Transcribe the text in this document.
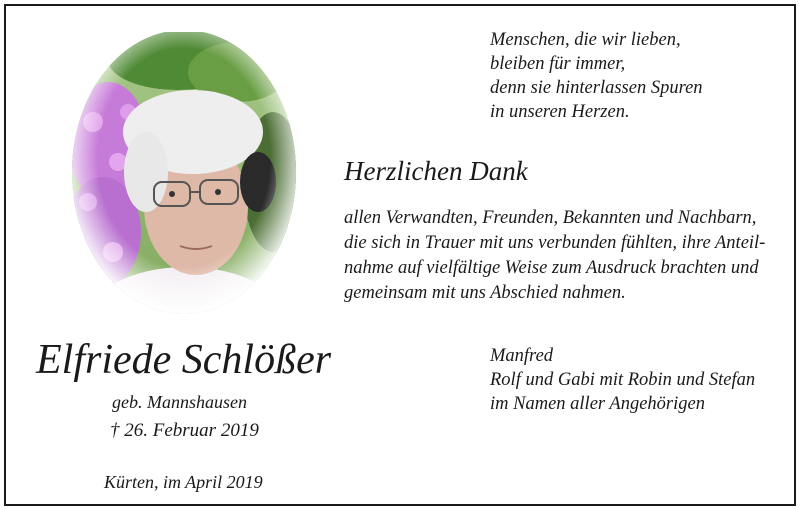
Menschen, die wir lieben,
bleiben für immer,
denn sie hinterlassen Spuren
in unseren Herzen.
Herzlichen Dank
allen Verwandten, Freunden, Bekannten und Nachbarn,
die sich in Trauer mit uns verbunden fühlten, ihre Anteil-
nahme auf vielfältige Weise zum Ausdruck brachten und
gemeinsam mit uns Abschied nahmen.
Elfriede Schlößer
geb. Mannshausen
† 26. Februar 2019
Kürten, im April 2019
Manfred
Rolf und Gabi mit Robin und Stefan
im Namen aller Angehörigen
